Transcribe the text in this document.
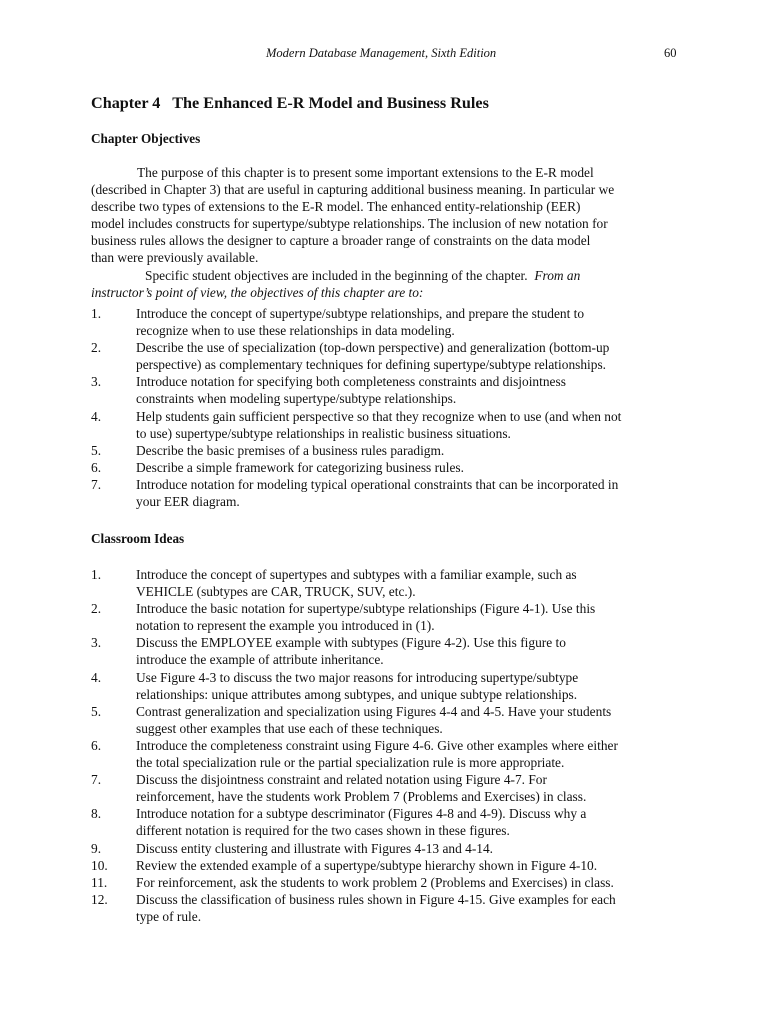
Modern Database Management, Sixth Edition	60
Chapter 4   The Enhanced E-R Model and Business Rules
Chapter Objectives

The purpose of this chapter is to present some important extensions to the E-R model

(described in Chapter 3) that are useful in capturing additional business meaning. In particular we

describe two types of extensions to the E-R model. The enhanced entity-relationship (EER)

model includes constructs for supertype/subtype relationships. The inclusion of new notation for

business rules allows the designer to capture a broader range of constraints on the data model

than were previously available.

Specific student objectives are included in the beginning of the chapter.  From an

instructor’s point of view, the objectives of this chapter are to:

1.	Introduce the concept of supertype/subtype relationships, and prepare the student to
recognize when to use these relationships in data modeling.
2.	Describe the use of specialization (top-down perspective) and generalization (bottom-up
perspective) as complementary techniques for defining supertype/subtype relationships.
3.	Introduce notation for specifying both completeness constraints and disjointness
constraints when modeling supertype/subtype relationships.
4.	Help students gain sufficient perspective so that they recognize when to use (and when not
to use) supertype/subtype relationships in realistic business situations.
5.	Describe the basic premises of a business rules paradigm.
6.	Describe a simple framework for categorizing business rules.
7.	Introduce notation for modeling typical operational constraints that can be incorporated in
your EER diagram.
Classroom Ideas
1.	Introduce the concept of supertypes and subtypes with a familiar example, such as
VEHICLE (subtypes are CAR, TRUCK, SUV, etc.).
2.	Introduce the basic notation for supertype/subtype relationships (Figure 4-1). Use this
notation to represent the example you introduced in (1).
3.	Discuss the EMPLOYEE example with subtypes (Figure 4-2). Use this figure to
introduce the example of attribute inheritance.
4.	Use Figure 4-3 to discuss the two major reasons for introducing supertype/subtype
relationships: unique attributes among subtypes, and unique subtype relationships.
5.	Contrast generalization and specialization using Figures 4-4 and 4-5. Have your students
suggest other examples that use each of these techniques.
6.	Introduce the completeness constraint using Figure 4-6. Give other examples where either
the total specialization rule or the partial specialization rule is more appropriate.
7.	Discuss the disjointness constraint and related notation using Figure 4-7. For
reinforcement, have the students work Problem 7 (Problems and Exercises) in class.
8.	Introduce notation for a subtype descriminator (Figures 4-8 and 4-9). Discuss why a
different notation is required for the two cases shown in these figures.
9.	Discuss entity clustering and illustrate with Figures 4-13 and 4-14.
10.	Review the extended example of a supertype/subtype hierarchy shown in Figure 4-10.
11.	For reinforcement, ask the students to work problem 2 (Problems and Exercises) in class.
12.	Discuss the classification of business rules shown in Figure 4-15. Give examples for each
type of rule.
